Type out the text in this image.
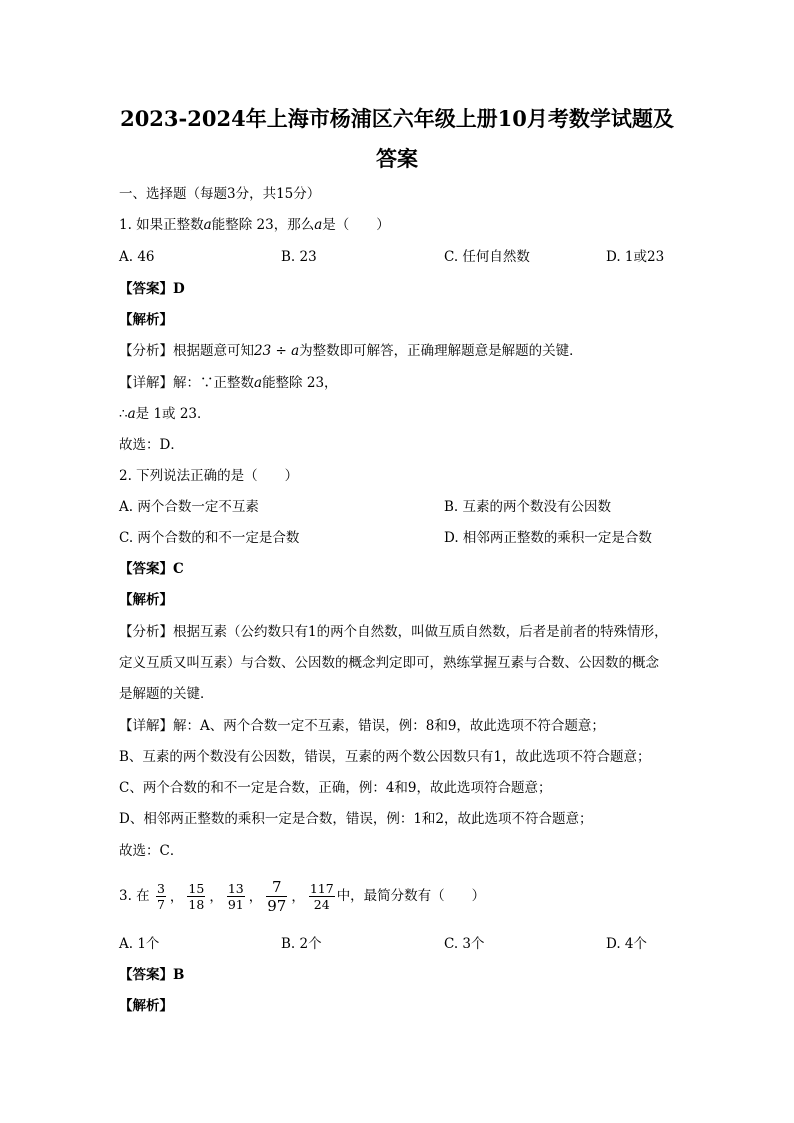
2023-2024年上海市杨浦区六年级上册10月考数学试题及
答案
一、选择题（每题3分，共15分）
1. 如果正整数a能整除 23，那么a是（　　）
A. 46	B. 23	C. 任何自然数	D. 1或23
【答案】D
【解析】
【分析】根据题意可知23 ÷ a为整数即可解答，正确理解题意是解题的关键．
【详解】解：∵正整数a能整除 23，
∴a是 1或 23．
故选：D．
2. 下列说法正确的是（　　）
A. 两个合数一定不互素	B. 互素的两个数没有公因数
C. 两个合数的和不一定是合数	D. 相邻两正整数的乘积一定是合数
【答案】C
【解析】
【分析】根据互素（公约数只有1的两个自然数，叫做互质自然数，后者是前者的特殊情形，
定义互质又叫互素）与合数、公因数的概念判定即可，熟练掌握互素与合数、公因数的概念
是解题的关键．
【详解】解：A、两个合数一定不互素，错误，例：8和9，故此选项不符合题意；
B、互素的两个数没有公因数，错误，互素的两个数公因数只有1，故此选项不符合题意；
C、两个合数的和不一定是合数，正确，例：4和9，故此选项符合题意；
D、相邻两正整数的乘积一定是合数，错误，例：1和2，故此选项不符合题意；
故选：C．
3. 在 $\frac{3}{7}$ ， $\frac{15}{18}$ ， $\frac{13}{91}$ ， $\frac{7}{97}$ ， $\frac{117}{24}$ 中，最简分数有（　　）
A. 1个	B. 2个	C. 3个	D. 4个
【答案】B
【解析】
